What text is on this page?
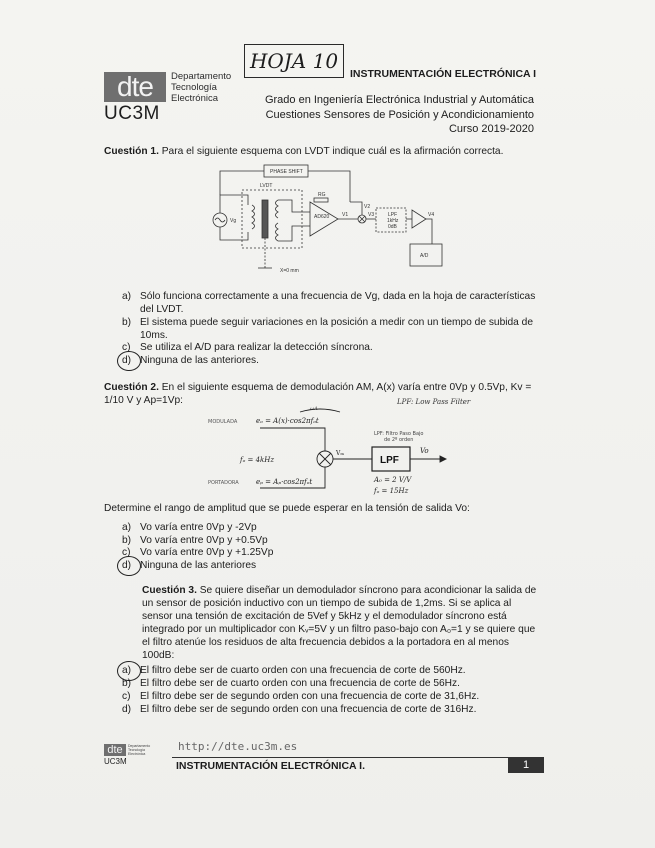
dte	Departamento
Tecnología
Electrónica
UC3M
HOJA 10
INSTRUMENTACIÓN ELECTRÓNICA I
Grado en Ingeniería Electrónica Industrial y Automática
Cuestiones Sensores de Posición y Acondicionamiento
Curso 2019-2020
Cuestión 1. Para el siguiente esquema con LVDT indique cuál es la afirmación correcta.
PHASE SHIFT
Vg
LVDT
X=0 mm
AD620
RG
V1
V2
V3	LPF
1kHz
0dB
V4
A/D
a) Sólo funciona correctamente a una frecuencia de Vg, dada en la hoja de características
del LVDT.
b) El sistema puede seguir variaciones en la posición a medir con un tiempo de subida de
10ms.
c) Se utiliza el A/D para realizar la detección síncrona.
d) Ninguna de las anteriores.
Cuestión 2. En el siguiente esquema de demodulación AM, A(x) varía entre 0Vp y 0.5Vp, Kv =
1/10 V y Ap=1Vp:	LPF: Low Pass Filter
MODULADA	eₒ = A(x)·cos2πfₒt
ωA
fₒ = 4kHz
PORTADORA eₚ = Aₚ·cos2πfₒt
Vₘ
LPF: Filtro Paso Bajo
de 2º orden
LPF
Vo
A₀ = 2 V/V
fₒ = 15Hz
Determine el rango de amplitud que se puede esperar en la tensión de salida Vo:
a) Vo varía entre 0Vp y -2Vp
b) Vo varía entre 0Vp y +0.5Vp
c) Vo varía entre 0Vp y +1.25Vp
d) Ninguna de las anteriores
Cuestión 3. Se quiere diseñar un demodulador síncrono para acondicionar la salida de
un sensor de posición inductivo con un tiempo de subida de 1,2ms. Si se aplica al
sensor una tensión de excitación de 5Vef y 5kHz y el demodulador síncrono está
integrado por un multiplicador con Kᵥ=5V y un filtro paso-bajo con A₀=1 y se quiere que
el filtro atenúe los residuos de alta frecuencia debidos a la portadora en al menos
100dB:
a) El filtro debe ser de cuarto orden con una frecuencia de corte de 560Hz.
b) El filtro debe ser de cuarto orden con una frecuencia de corte de 56Hz.
c) El filtro debe ser de segundo orden con una frecuencia de corte de 31,6Hz.
d) El filtro debe ser de segundo orden con una frecuencia de corte de 316Hz.
dte	Departamento
Tecnología
Electrónica
UC3M
http://dte.uc3m.es
INSTRUMENTACIÓN ELECTRÓNICA I.	1
